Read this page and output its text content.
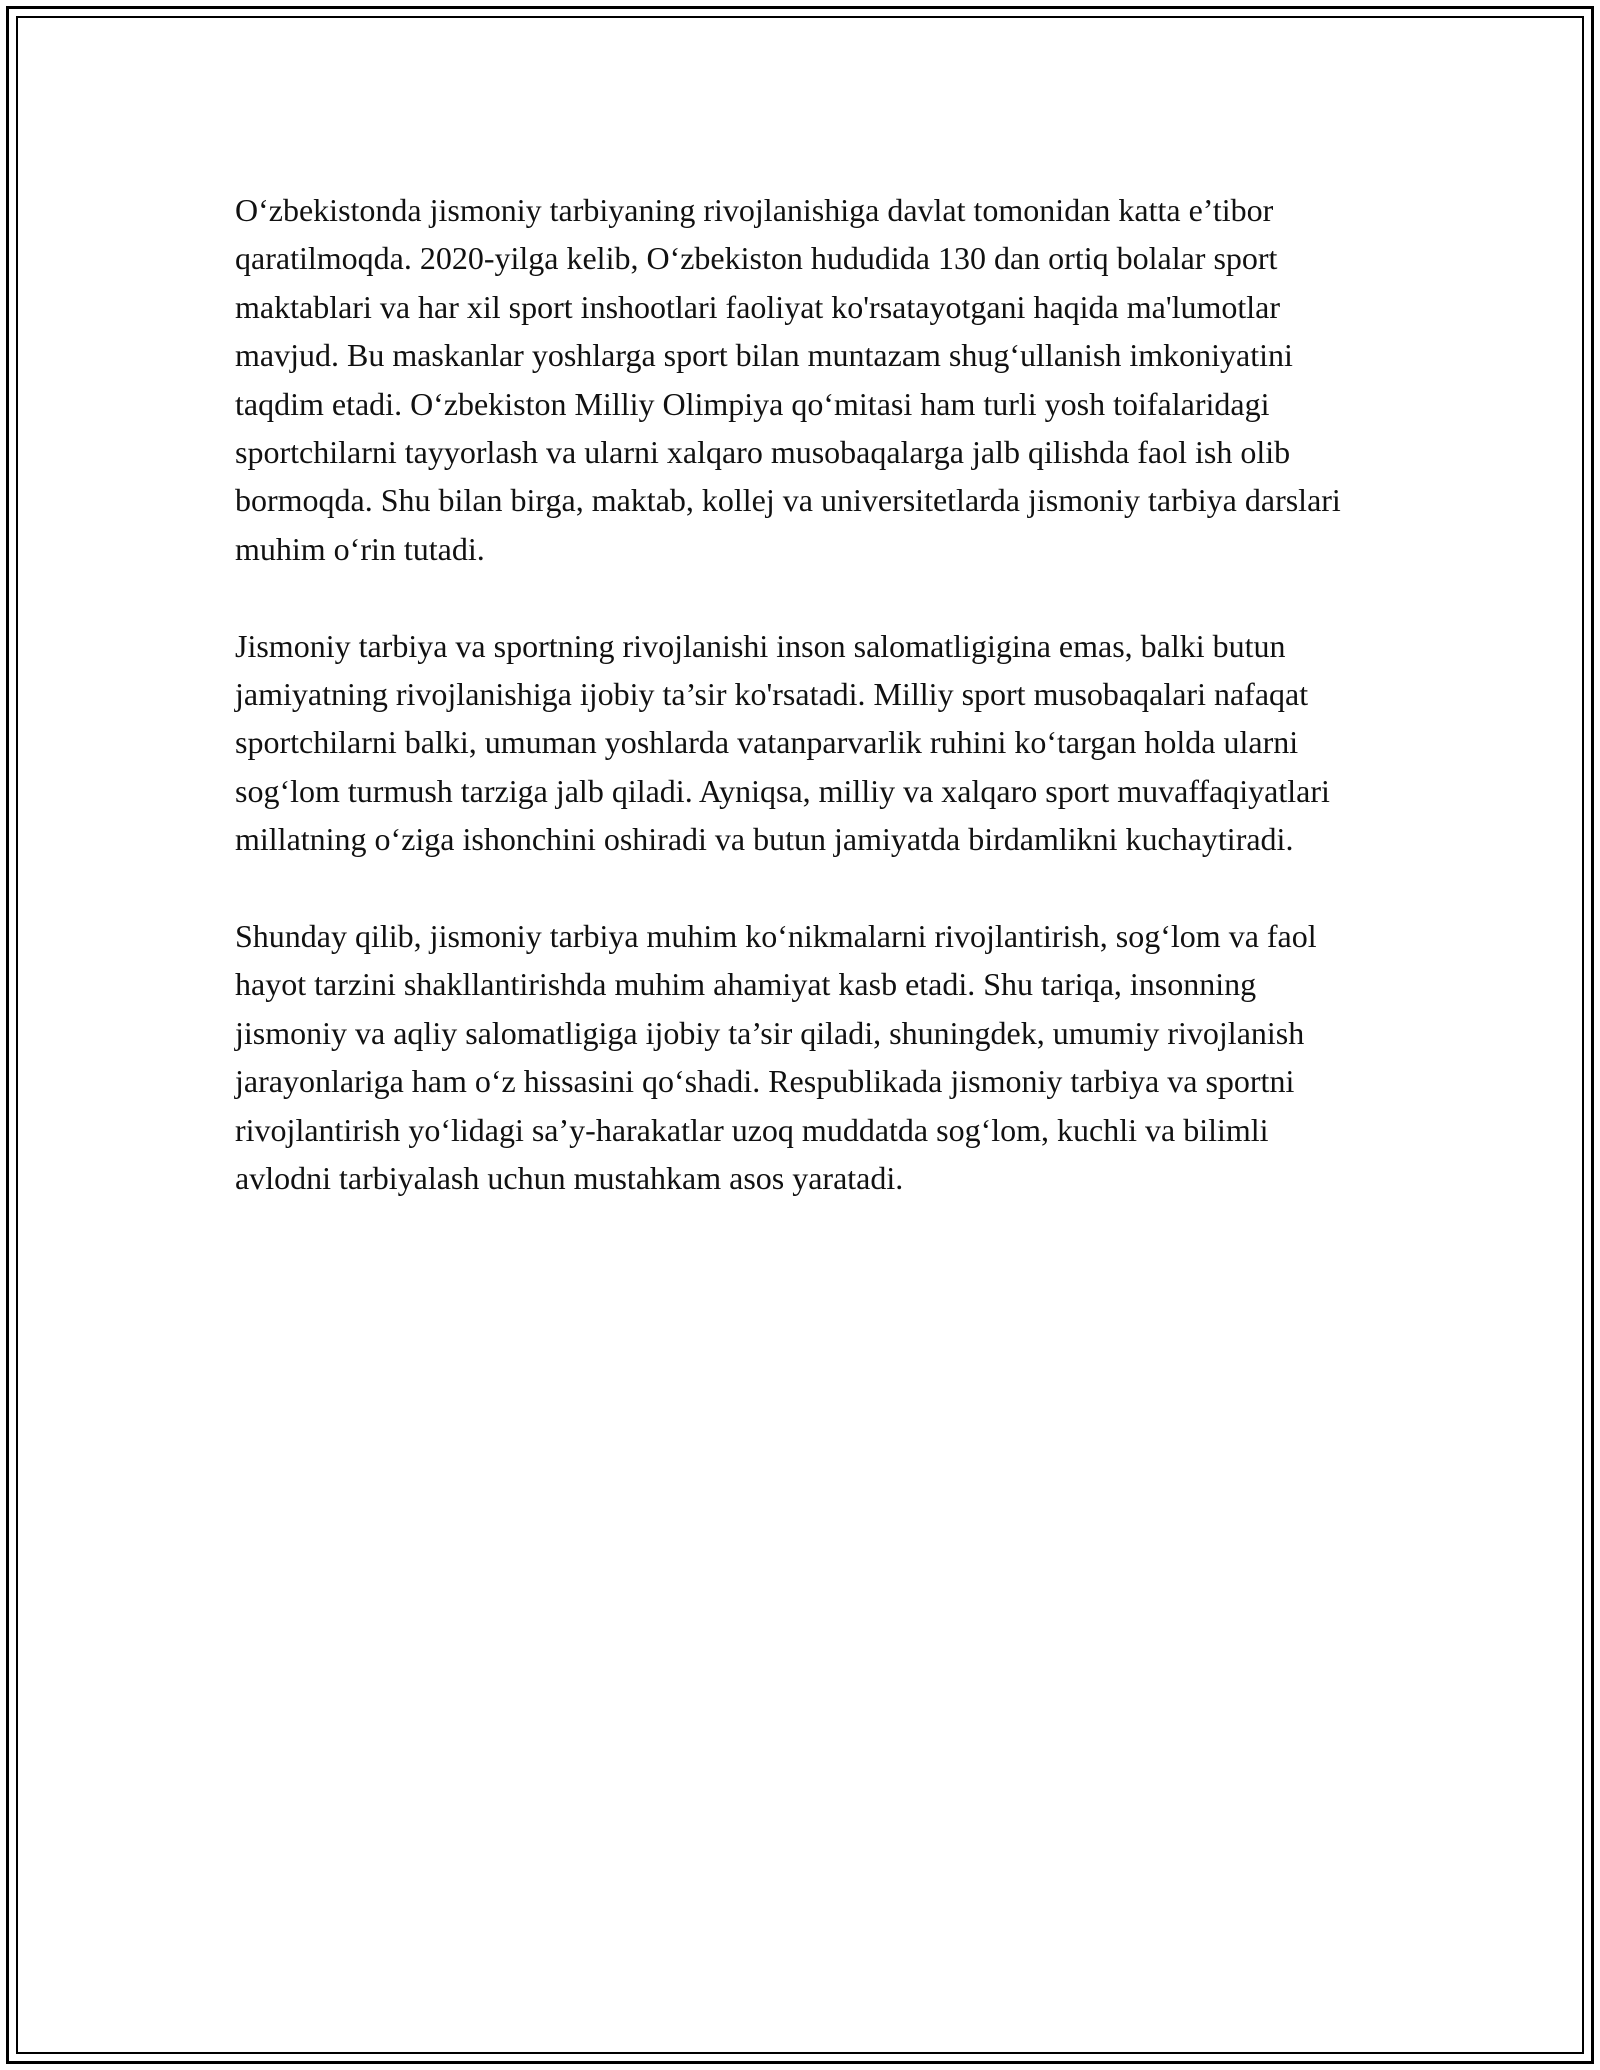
O‘zbekistonda jismoniy tarbiyaning rivojlanishiga davlat tomonidan katta e’tibor qaratilmoqda. 2020-yilga kelib, O‘zbekiston hududida 130 dan ortiq bolalar sport maktablari va har xil sport inshootlari faoliyat ko'rsatayotgani haqida ma'lumotlar mavjud. Bu maskanlar yoshlarga sport bilan muntazam shug‘ullanish imkoniyatini taqdim etadi. O‘zbekiston Milliy Olimpiya qo‘mitasi ham turli yosh toifalaridagi sportchilarni tayyorlash va ularni xalqaro musobaqalarga jalb qilishda faol ish olib bormoqda. Shu bilan birga, maktab, kollej va universitetlarda jismoniy tarbiya darslari muhim o‘rin tutadi.

Jismoniy tarbiya va sportning rivojlanishi inson salomatligigina emas, balki butun jamiyatning rivojlanishiga ijobiy ta’sir ko'rsatadi. Milliy sport musobaqalari nafaqat sportchilarni balki, umuman yoshlarda vatanparvarlik ruhini ko‘targan holda ularni sog‘lom turmush tarziga jalb qiladi. Ayniqsa, milliy va xalqaro sport muvaffaqiyatlari millatning o‘ziga ishonchini oshiradi va butun jamiyatda birdamlikni kuchaytiradi.

Shunday qilib, jismoniy tarbiya muhim ko‘nikmalarni rivojlantirish, sog‘lom va faol hayot tarzini shakllantirishda muhim ahamiyat kasb etadi. Shu tariqa, insonning jismoniy va aqliy salomatligiga ijobiy ta’sir qiladi, shuningdek, umumiy rivojlanish jarayonlariga ham o‘z hissasini qo‘shadi. Respublikada jismoniy tarbiya va sportni rivojlantirish yo‘lidagi sa’y-harakatlar uzoq muddatda sog‘lom, kuchli va bilimli avlodni tarbiyalash uchun mustahkam asos yaratadi.
